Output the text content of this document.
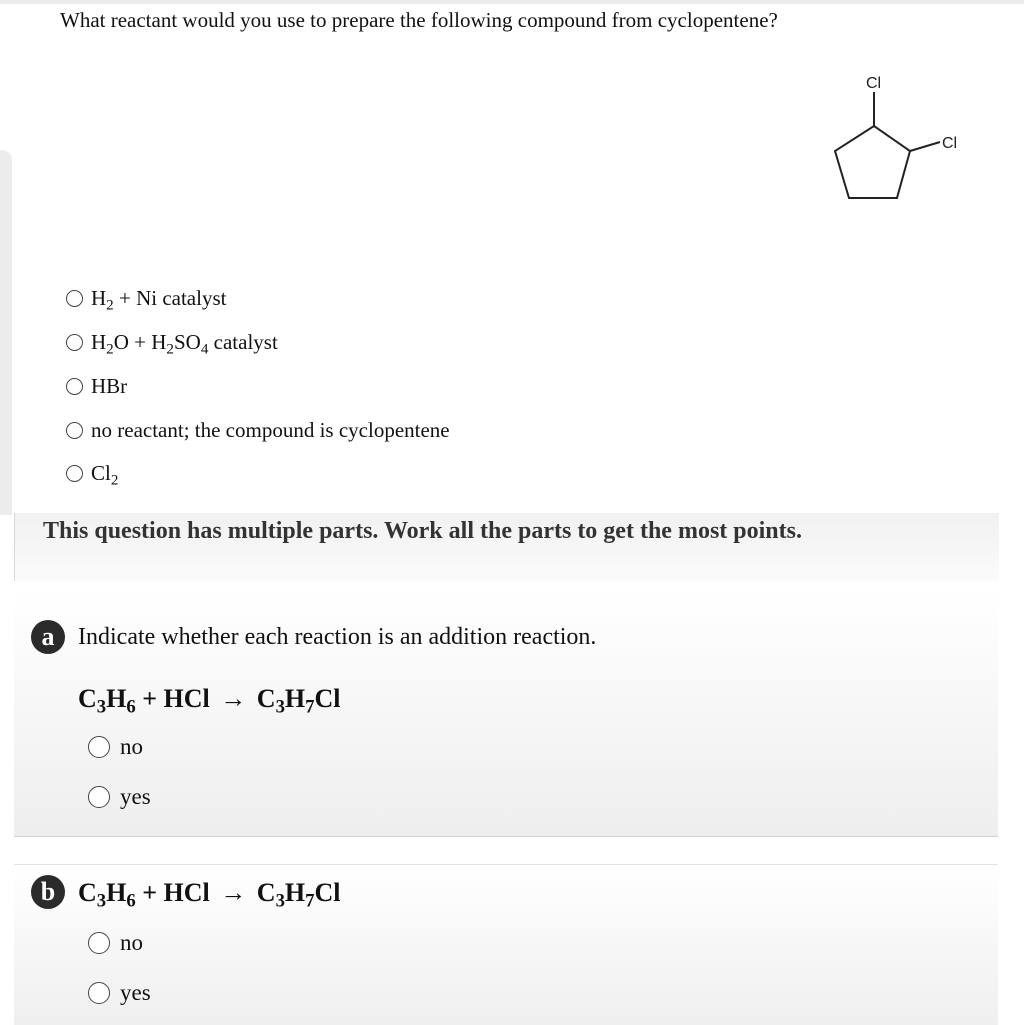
What reactant would you use to prepare the following compound from cyclopentene?
Cl
Cl
$H_2 + Ni$ catalyst
$H_2O + H_2SO_4$ catalyst
HBr
no reactant; the compound is cyclopentene
$Cl_2$
This question has multiple parts. Work all the parts to get the most points.
a Indicate whether each reaction is an addition reaction.
$C_3H_6$ + HCl → $C_3H_7Cl$
no
yes
b $C_3H_6$ + HCl → $C_3H_7Cl$
no
yes
